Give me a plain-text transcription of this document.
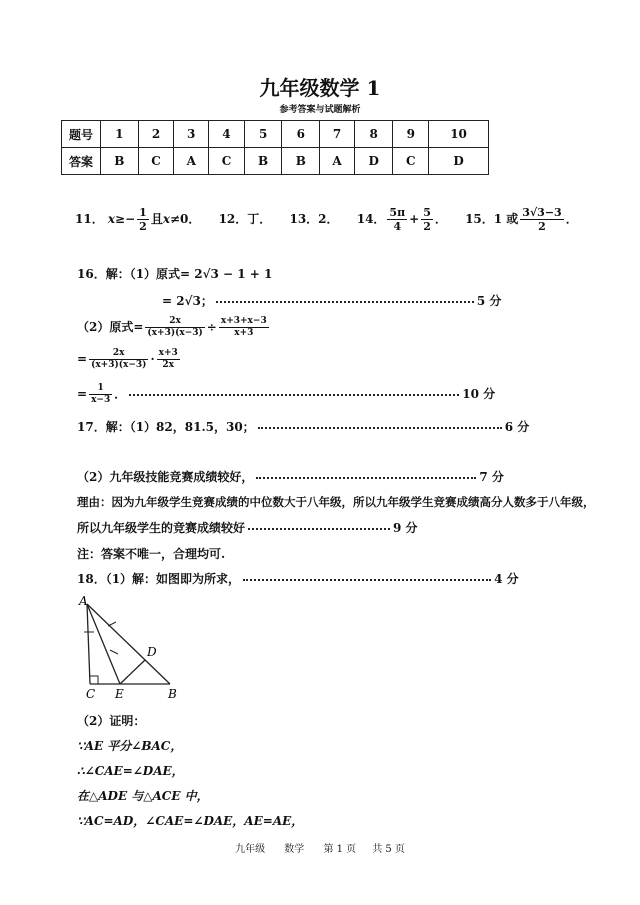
九年级数学 1
参考答案与试题解析
题号	1	2	3	4	5	6	7	8	9	10
答案	B	C	A	C	B	B	A	D	C	D
11． $x\ge- \frac{1}{2}$ 且x≠0． 12．丁． 13．2． 14． $\frac{5\pi}{4} + \frac{5}{2}$ ． 15．1 或 $\frac{3√3-3}{2}$ ．
16．解：（1）原式= 2√3 − 1 + 1
= 2√3；	5 分
（2）原式= $\frac{2x}{(x+3)(x-3)} \div \frac{x+3+x-3}{x+3}$
= $\frac{2x}{(x+3)(x-3)} \cdot \frac{x+3}{2x}$
= $\frac{1}{x-3}$ ．	10 分
17．解：（1）82，81.5，30；	6 分
（2）九年级技能竞赛成绩较好，	7 分
理由：因为九年级学生竞赛成绩的中位数大于八年级，所以九年级学生竞赛成绩高分人数多于八年级，
所以九年级学生的竞赛成绩较好	9 分
注：答案不唯一，合理均可.
18．（1）解：如图即为所求，	4 分
A
D
C E	B
（2）证明：
∵AE 平分∠BAC，
∴∠CAE=∠DAE，
在△ADE 与△ACE 中，
∵AC=AD，∠CAE=∠DAE，AE=AE，
九年级 数学 第 1 页 共 5 页
